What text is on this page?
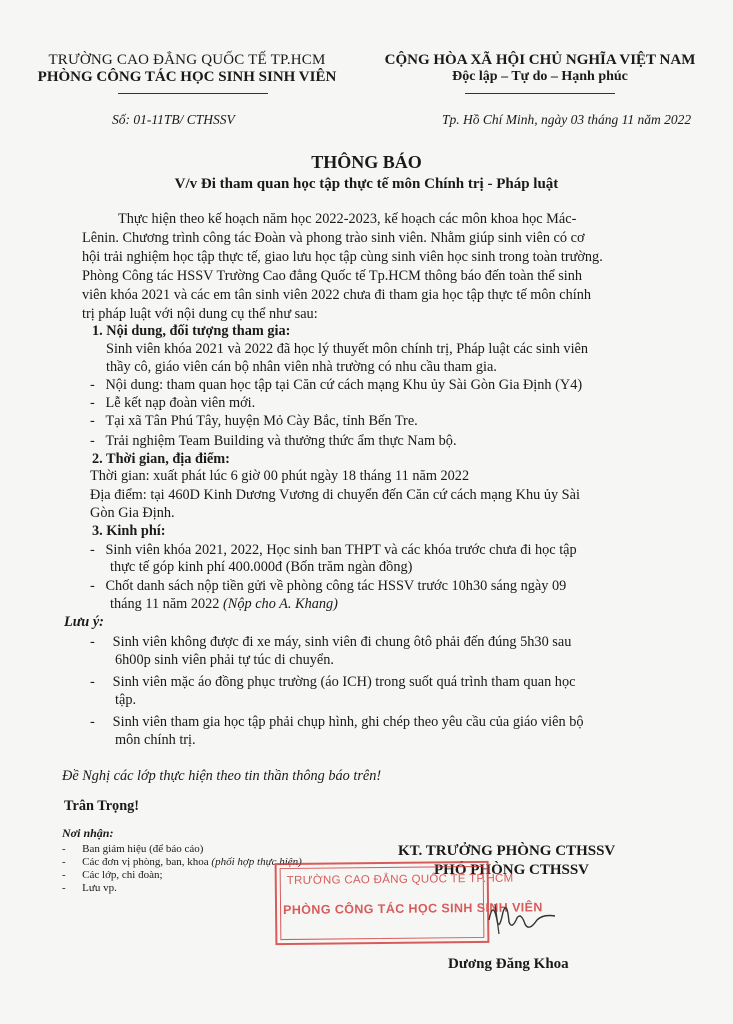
TRƯỜNG CAO ĐẲNG QUỐC TẾ TP.HCM
PHÒNG CÔNG TÁC HỌC SINH SINH VIÊN
CỘNG HÒA XÃ HỘI CHỦ NGHĨA VIỆT NAM
Độc lập – Tự do – Hạnh phúc
Số: 01-11TB/ CTHSSV	Tp. Hồ Chí Minh, ngày 03 tháng 11 năm 2022
THÔNG BÁO
V/v Đi tham quan học tập thực tế môn Chính trị - Pháp luật
Thực hiện theo kế hoạch năm học 2022-2023, kế hoạch các môn khoa học Mác-
Lênin. Chương trình công tác Đoàn và phong trào sinh viên. Nhằm giúp sinh viên có cơ
hội trải nghiệm học tập thực tế, giao lưu học tập cùng sinh viên học sinh trong toàn trường.
Phòng Công tác HSSV Trường Cao đẳng Quốc tế Tp.HCM thông báo đến toàn thể sinh
viên khóa 2021 và các em tân sinh viên 2022 chưa đi tham gia học tập thực tế môn chính
trị pháp luật với nội dung cụ thể như sau:
1. Nội dung, đối tượng tham gia:
Sinh viên khóa 2021 và 2022 đã học lý thuyết môn chính trị, Pháp luật các sinh viên
thầy cô, giáo viên cán bộ nhân viên nhà trường có nhu cầu tham gia.
-   Nội dung: tham quan học tập tại Căn cứ cách mạng Khu ủy Sài Gòn Gia Định (Y4)
-   Lễ kết nạp đoàn viên mới.
-   Tại xã Tân Phú Tây, huyện Mỏ Cày Bắc, tỉnh Bến Tre.
-   Trải nghiệm Team Building và thưởng thức ẩm thực Nam bộ.
2. Thời gian, địa điểm:
Thời gian: xuất phát lúc 6 giờ 00 phút ngày 18 tháng 11 năm 2022
Địa điểm: tại 460D Kinh Dương Vương di chuyển đến Căn cứ cách mạng Khu ủy Sài
Gòn Gia Định.
3. Kinh phí:
-   Sinh viên khóa 2021, 2022, Học sinh ban THPT và các khóa trước chưa đi học tập
thực tế góp kinh phí 400.000đ (Bốn trăm ngàn đồng)
-   Chốt danh sách nộp tiền gửi về phòng công tác HSSV trước 10h30 sáng ngày 09
tháng 11 năm 2022 (Nộp cho A. Khang)
Lưu ý:
-     Sinh viên không được đi xe máy, sinh viên đi chung ôtô phải đến đúng 5h30 sau
6h00p sinh viên phải tự túc di chuyển.
-     Sinh viên mặc áo đồng phục trường (áo ICH) trong suốt quá trình tham quan học
tập.
-     Sinh viên tham gia học tập phải chụp hình, ghi chép theo yêu cầu của giáo viên bộ
môn chính trị.
Đề Nghị các lớp thực hiện theo tin thần thông báo trên!
Trân Trọng!
Nơi nhận:
-      Ban giám hiệu (để báo cáo)
-      Các đơn vị phòng, ban, khoa (phối hợp thực hiện)
-      Các lớp, chi đoàn;
-      Lưu vp.
KT. TRƯỞNG PHÒNG CTHSSV
PHÓ PHÒNG CTHSSV
TRƯỜNG CAO ĐẲNG QUỐC TẾ TP.HCM
PHÒNG CÔNG TÁC HỌC SINH SINH VIÊN
Dương Đăng Khoa
